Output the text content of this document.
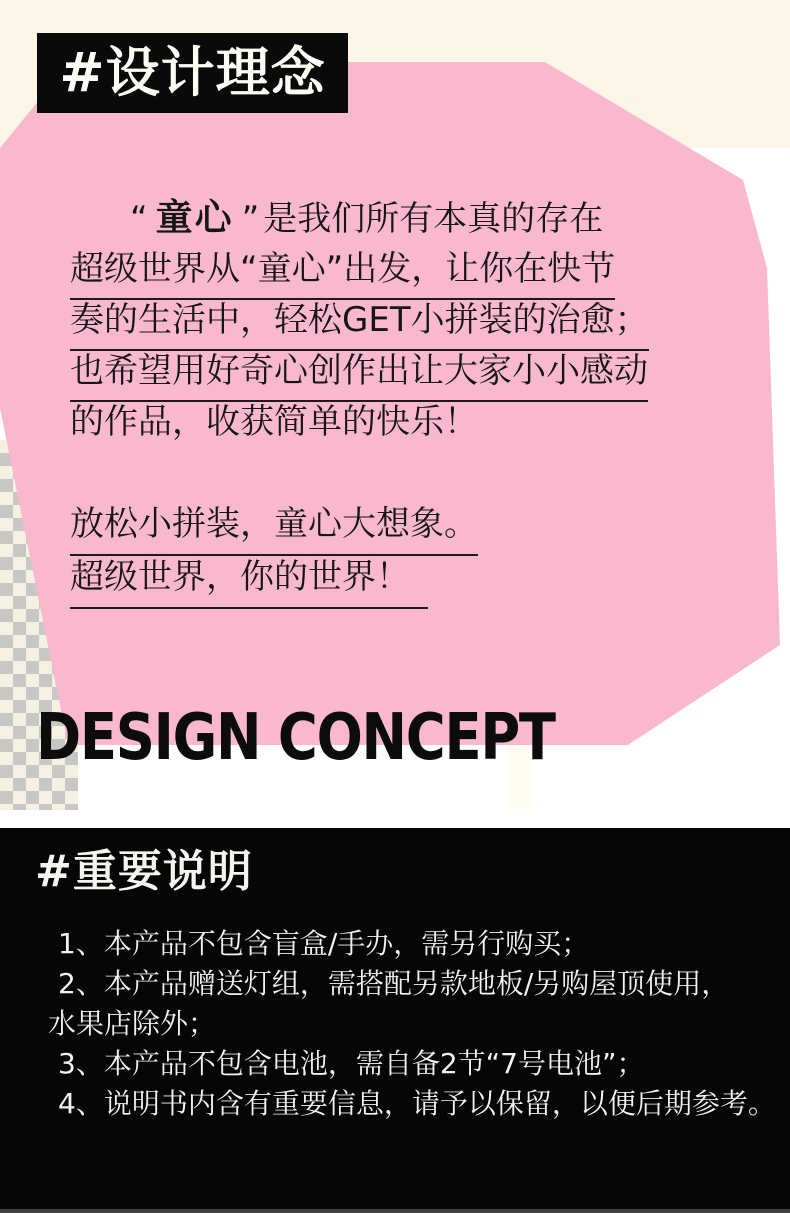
#设计理念
“ 童心 ” 是我们所有本真的存在
超级世界从“童心”出发，让你在快节
奏的生活中，轻松GET小拼装的治愈；
也希望用好奇心创作出让大家小小感动
的作品，收获简单的快乐！
放松小拼装，童心大想象。
超级世界，你的世界！
DESIGN CONCEPT
#重要说明
1、本产品不包含盲盒/手办，需另行购买；
2、本产品赠送灯组，需搭配另款地板/另购屋顶使用，
水果店除外；
3、本产品不包含电池，需自备2节“7号电池”；
4、说明书内含有重要信息，请予以保留，以便后期参考。
